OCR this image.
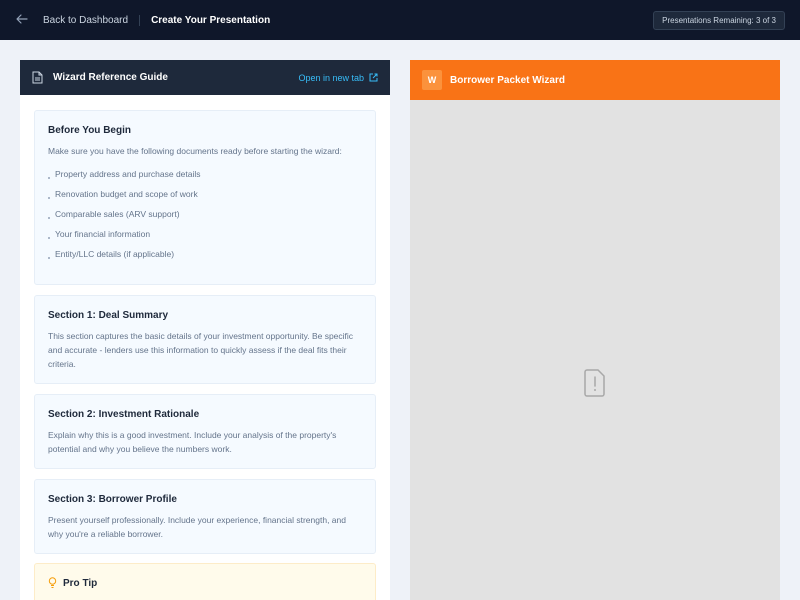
Back to Dashboard Create Your Presentation	Presentations Remaining: 3 of 3
Wizard Reference Guide	Open in new tab
Before You Begin

Make sure you have the following documents ready before starting the wizard:

Property address and purchase details
Renovation budget and scope of work
Comparable sales (ARV support)
Your financial information
Entity/LLC details (if applicable)
Section 1: Deal Summary

This section captures the basic details of your investment opportunity. Be specific and accurate - lenders use this information to quickly assess if the deal fits their criteria.

Section 2: Investment Rationale

Explain why this is a good investment. Include your analysis of the property's potential and why you believe the numbers work.

Section 3: Borrower Profile

Present yourself professionally. Include your experience, financial strength, and why you're a reliable borrower.

Pro Tip

W	Borrower Packet Wizard
